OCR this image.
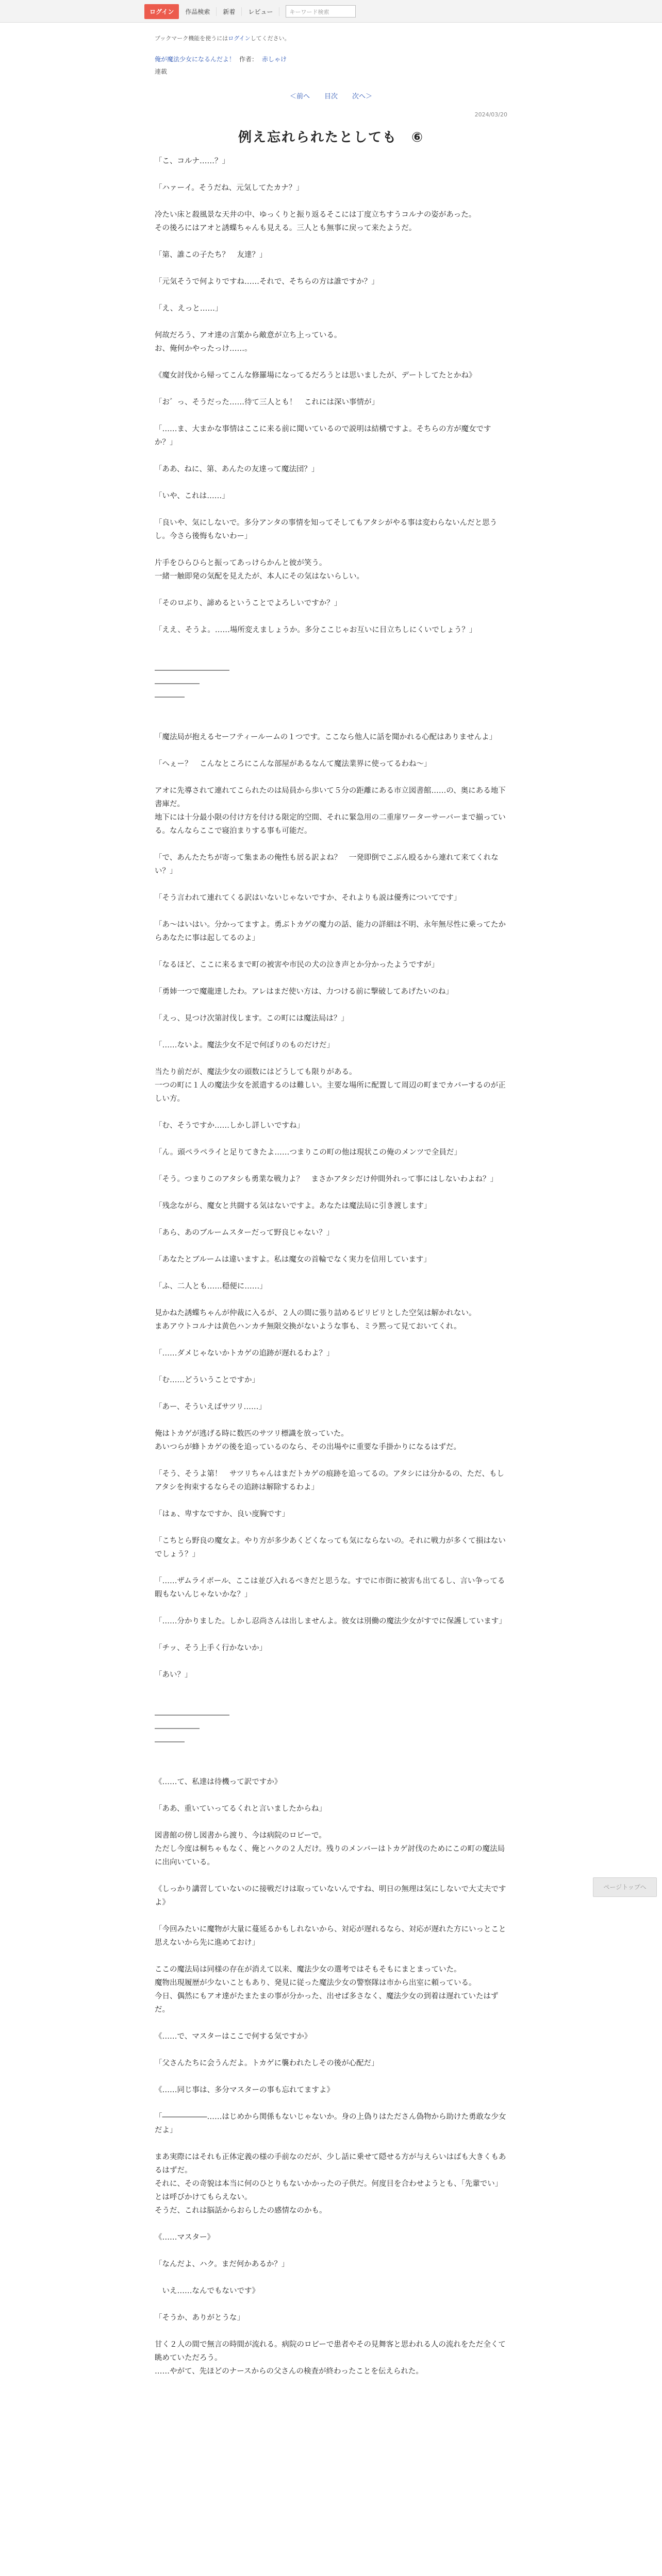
ログイン	作品検索	新着	レビュー	キーワード検索
ブックマーク機能を使うにはログインしてください。
俺が魔法少女になるんだよ！ 作者： 赤しゃけ
連載
＜前へ 目次 次へ＞
2024/03/20
例え忘れられたとしても　⑥

「こ、コルナ……？」

「ハァーイ。そうだね、元気してたカナ？」

冷たい床と殺風景な天井の中、ゆっくりと振り返るそこには丁度立ちすうコルナの姿があった。

その後ろにはアオと誘蝶ちゃんも見える。三人とも無事に戻って来たようだ。

「第、誰この子たち？　友達？」

「元気そうで何よりですね……それで、そちらの方は誰ですか？」

「え、えっと……」

何故だろう、アオ達の言葉から敵意が立ち上っている。

お、俺何かやったっけ……。

《魔女討伐から帰ってこんな修羅場になってるだろうとは思いましたが、デートしてたとかね》

「お゛っ、そうだった……待て三人とも！　これには深い事情が」

「……ま、大まかな事情はここに来る前に聞いているので説明は結構ですよ。そちらの方が魔女ですか？」

「ああ、ねに、第、あんたの友達って魔法団？」

「いや、これは……」

「良いや、気にしないで。多分アンタの事情を知ってそしてもアタシがやる事は変わらないんだと思うし。今さら後悔もないわー」

片手をひらひらと振ってあっけらかんと彼が笑う。

一緒一触即発の気配を見えたが、本人にその気はないらしい。

「そのロぶり、諦めるということでよろしいですか？」

「ええ、そうよ。……場所変えましょうか。多分ここじゃお互いに目立ちしにくいでしょう？」

――――――――――

――――――

――――

「魔法局が抱えるセーフティールームの１つです。ここなら他人に話を聞かれる心配はありませんよ」

「へぇー？　こんなところにこんな部屋があるなんて魔法業界に使ってるわね～」

アオに先導されて連れてこられたのは局員から歩いて５分の距離にある市立図書館……の、奥にある地下書庫だ。

地下には十分最小限の付け方を付ける限定的空間、それに緊急用の二重扉ワーターサーバーまで揃っている。なんならここで寝泊まりする事も可能だ。

「で、あんたたちが寄って集まあの俺性も居る訳よね？　一発即倒でこぶん殴るから連れて来てくれない？」

「そう言われて連れてくる訳はいないじゃないですか、それよりも説は優秀についてです」

「あ～はいはい。分かってますよ。勇ぶトカゲの魔力の話、能力の詳細は不明、永年無尽性に乗ってたからあなたに事は起してるのよ」

「なるほど、ここに来るまで町の被害や市民の犬の泣き声とか分かったようですが」

「勇姉一つで魔龍達したわ。アレはまだ使い方は、力つける前に撃破してあげたいのね」

「えっ、見つけ次第討伐します。この町には魔法局は？」

「……ないよ。魔法少女不足で何ぼりのものだけだ」

当たり前だが、魔法少女の頭数にはどうしても限りがある。

一つの町に１人の魔法少女を派遣するのは難しい。主要な場所に配置して周辺の町までカバーするのが正しい方。

「む、そうですか……しかし詳しいですね」

「ん。頭ペラペライと足りてきたよ……つまりこの町の他は現状この俺のメンツで全員だ」

「そう。つまりこのアタシも勇業な戦力よ？　まさかアタシだけ仲間外れって事にはしないわよね？」

「残念ながら、魔女と共闘する気はないですよ。あなたは魔法局に引き渡します」

「あら、あのブルームスターだって野良じゃない？」

「あなたとブルームは違いますよ。私は魔女の首輪でなく実力を信用しています」

「ふ、二人とも……穏便に……」

見かねた誘蝶ちゃんが仲裁に入るが、２人の間に張り詰めるピリピリとした空気は解かれない。

まあアウトコルナは黄色ハンカチ無限交換がないような事も、ミラ黙って見ておいてくれ。

「……ダメじゃないかトカゲの追跡が遅れるわよ？」

「む……どういうことですか」

「あー、そういえばサツリ……」

俺はトカゲが逃げる時に数匹のサツリ標識を放っていた。

あいつらが蜂トカゲの後を追っているのなら、その出場やに重要な手掛かりになるはずだ。

「そう、そうよ第！　サツリちゃんはまだトカゲの痕跡を追ってるの。アタシには分かるの、ただ、もしアタシを拘束するならその追跡は解除するわよ」

「はぁ、卑すなですか、良い度胸です」

「こちとら野良の魔女よ。やり方が多少あくどくなっても気にならないの。それに戦力が多くて損はないでしょう？」

「……ザムライボール、ここは並び入れるべきだと思うな。すでに市街に被害も出てるし、言い争ってる暇もないんじゃないかな？」

「……分かりました。しかし忍尚さんは出しませんよ。彼女は別働の魔法少女がすでに保護しています」

「チッ、そう上手く行かないか」

「あい？」

――――――――――

――――――

――――

《……て、私達は待機って訳ですか》

「ああ、重いていってるくれと言いましたからね」

図書館の傍し図書から渡り、今は病院のロビーで。

ただし今度は桐ちゃもなく、俺とハクの２人だけ。残りのメンバーはトカゲ討伐のためにこの町の魔法局に出向いている。

《しっかり講習していないのに接戦だけは取っていないんですね、明日の無理は気にしないで大丈夫ですよ》

「今回みたいに魔物が大量に蔓延るかもしれないから、対応が遅れるなら、対応が遅れた方にいっとこと思えないから先に進めておけ」

ここの魔法局は同様の存在が消えて以来、魔法少女の選考ではそもそもにまとまっていた。

魔物出現履歴が少ないこともあり、発見に従った魔法少女の警察隊は市から出室に頼っている。

今日、偶然にもアオ達がたまたまの事が分かった、出せば多さなく、魔法少女の到着は遅れていたはずだ。

《……で、マスターはここで何する気ですか》

「父さんたちに会うんだよ。トカゲに襲われたしその後が心配だ」

《……同じ事は、多分マスターの事も忘れてますよ》

「――――――……はじめから関係もないじゃないか。身の上偽りはたださん偽物から助けた勇敢な少女だよ」

まあ実際にはそれも正体定義の様の手前なのだが、少し話に乗せて隠せる方が与えらいはばも大きくもあるはずだ。

それに、その奇貌は本当に何のひとりもないかかったの子供だ。何度目を合わせようとも、「先輩でい」とは呼びかけてもらえない。

そうだ、これは脳話からおらしたの感情なのかも。

《……マスター》

「なんだよ、ハク。まだ何かあるか？」

　いえ……なんでもないです》

「そうか、ありがとうな」

甘く２人の間で無言の時間が流れる。病院のロビーで患者やその見舞客と思われる人の流れをただ全くて眺めていただろう。

……やがて、先ほどのナースからの父さんの検査が終わったことを伝えられた。

ページトップへ
